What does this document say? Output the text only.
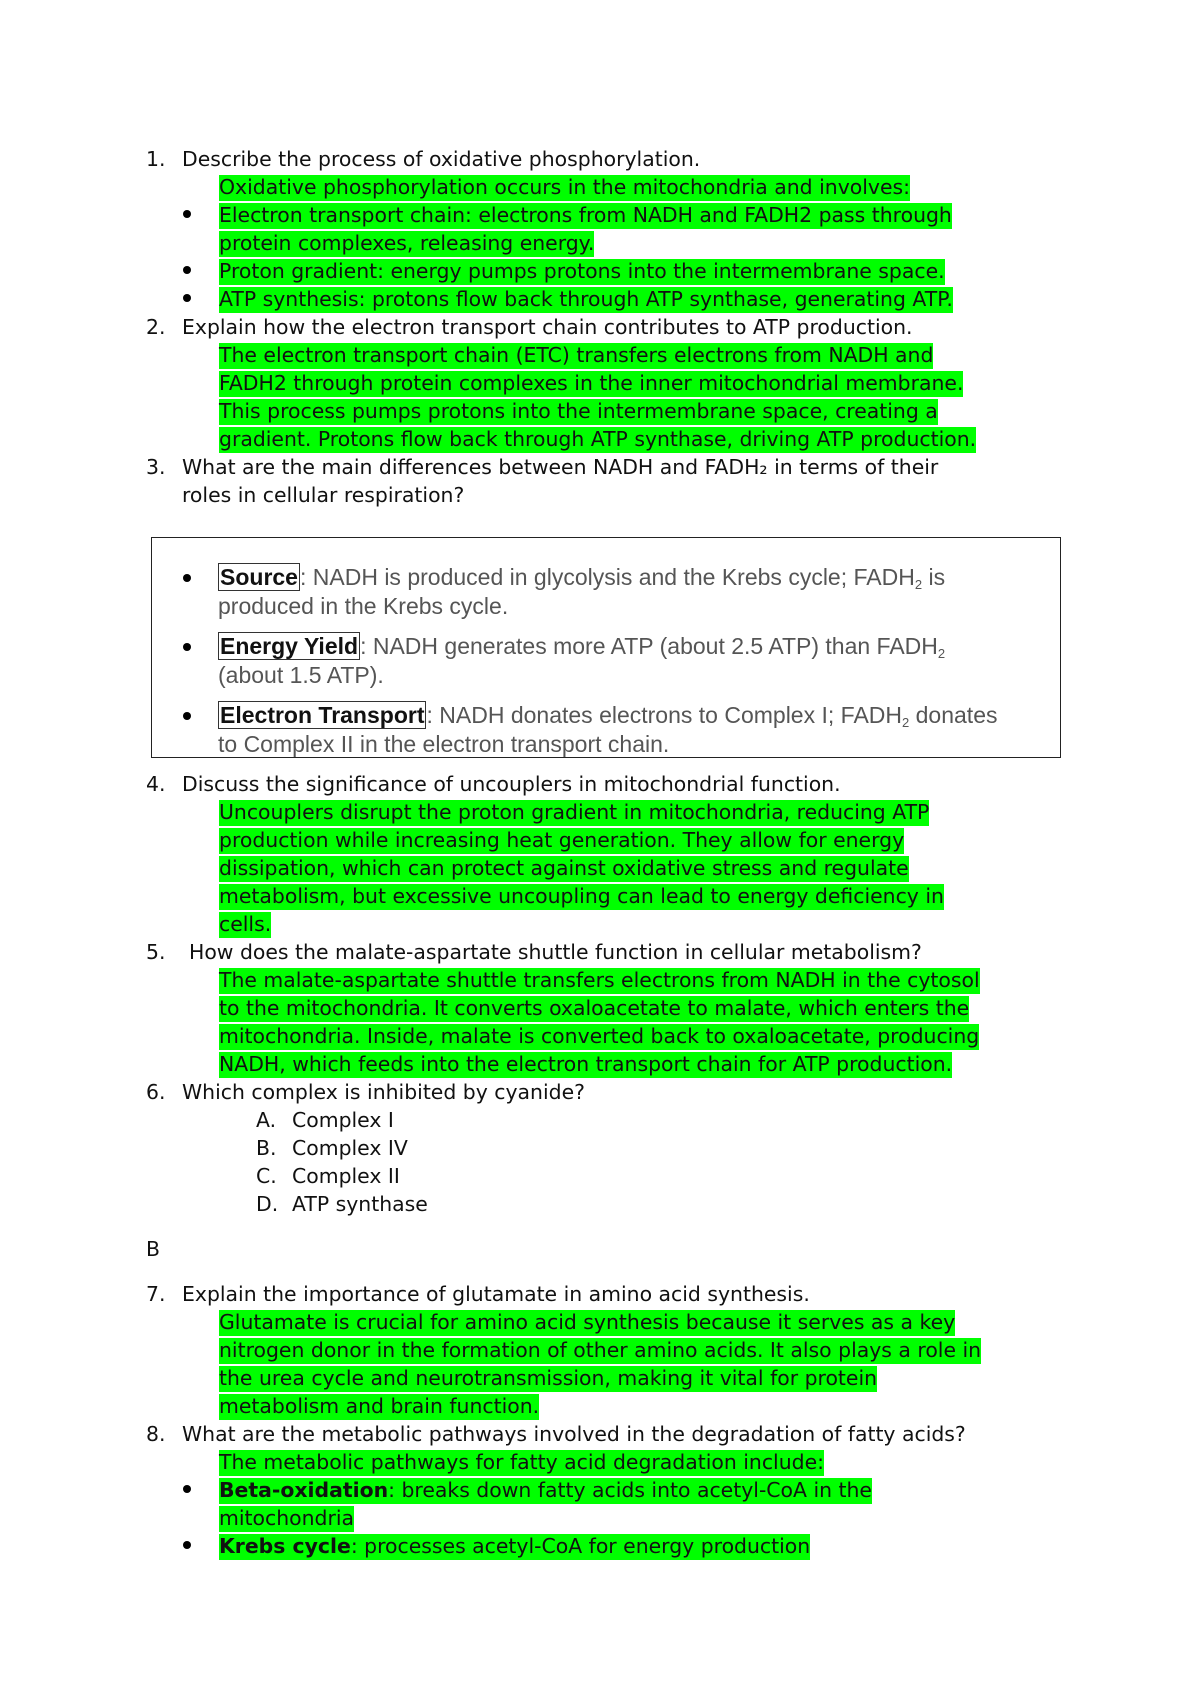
1. Describe the process of oxidative phosphorylation.
Oxidative phosphorylation occurs in the mitochondria and involves:
Electron transport chain: electrons from NADH and FADH2 pass through
protein complexes, releasing energy.
Proton gradient: energy pumps protons into the intermembrane space.
ATP synthesis: protons flow back through ATP synthase, generating ATP.
2. Explain how the electron transport chain contributes to ATP production.
The electron transport chain (ETC) transfers electrons from NADH and
FADH2 through protein complexes in the inner mitochondrial membrane.
This process pumps protons into the intermembrane space, creating a
gradient. Protons flow back through ATP synthase, driving ATP production.
3. What are the main differences between NADH and FADH₂ in terms of their
roles in cellular respiration?
Source: NADH is produced in glycolysis and the Krebs cycle; $FADH_2$ is
produced in the Krebs cycle.
Energy Yield: NADH generates more ATP (about 2.5 ATP) than $FADH_2$
(about 1.5 ATP).
Electron Transport: NADH donates electrons to Complex I; $FADH_2$ donates
to Complex II in the electron transport chain.
4. Discuss the significance of uncouplers in mitochondrial function.
Uncouplers disrupt the proton gradient in mitochondria, reducing ATP
production while increasing heat generation. They allow for energy
dissipation, which can protect against oxidative stress and regulate
metabolism, but excessive uncoupling can lead to energy deficiency in
cells.
5. How does the malate-aspartate shuttle function in cellular metabolism?
The malate-aspartate shuttle transfers electrons from NADH in the cytosol
to the mitochondria. It converts oxaloacetate to malate, which enters the
mitochondria. Inside, malate is converted back to oxaloacetate, producing
NADH, which feeds into the electron transport chain for ATP production.
6. Which complex is inhibited by cyanide?
A. Complex I
B. Complex IV
C. Complex II
D. ATP synthase
B
7. Explain the importance of glutamate in amino acid synthesis.
Glutamate is crucial for amino acid synthesis because it serves as a key
nitrogen donor in the formation of other amino acids. It also plays a role in
the urea cycle and neurotransmission, making it vital for protein
metabolism and brain function.
8. What are the metabolic pathways involved in the degradation of fatty acids?
The metabolic pathways for fatty acid degradation include:
Beta-oxidation: breaks down fatty acids into acetyl-CoA in the
mitochondria
Krebs cycle: processes acetyl-CoA for energy production
